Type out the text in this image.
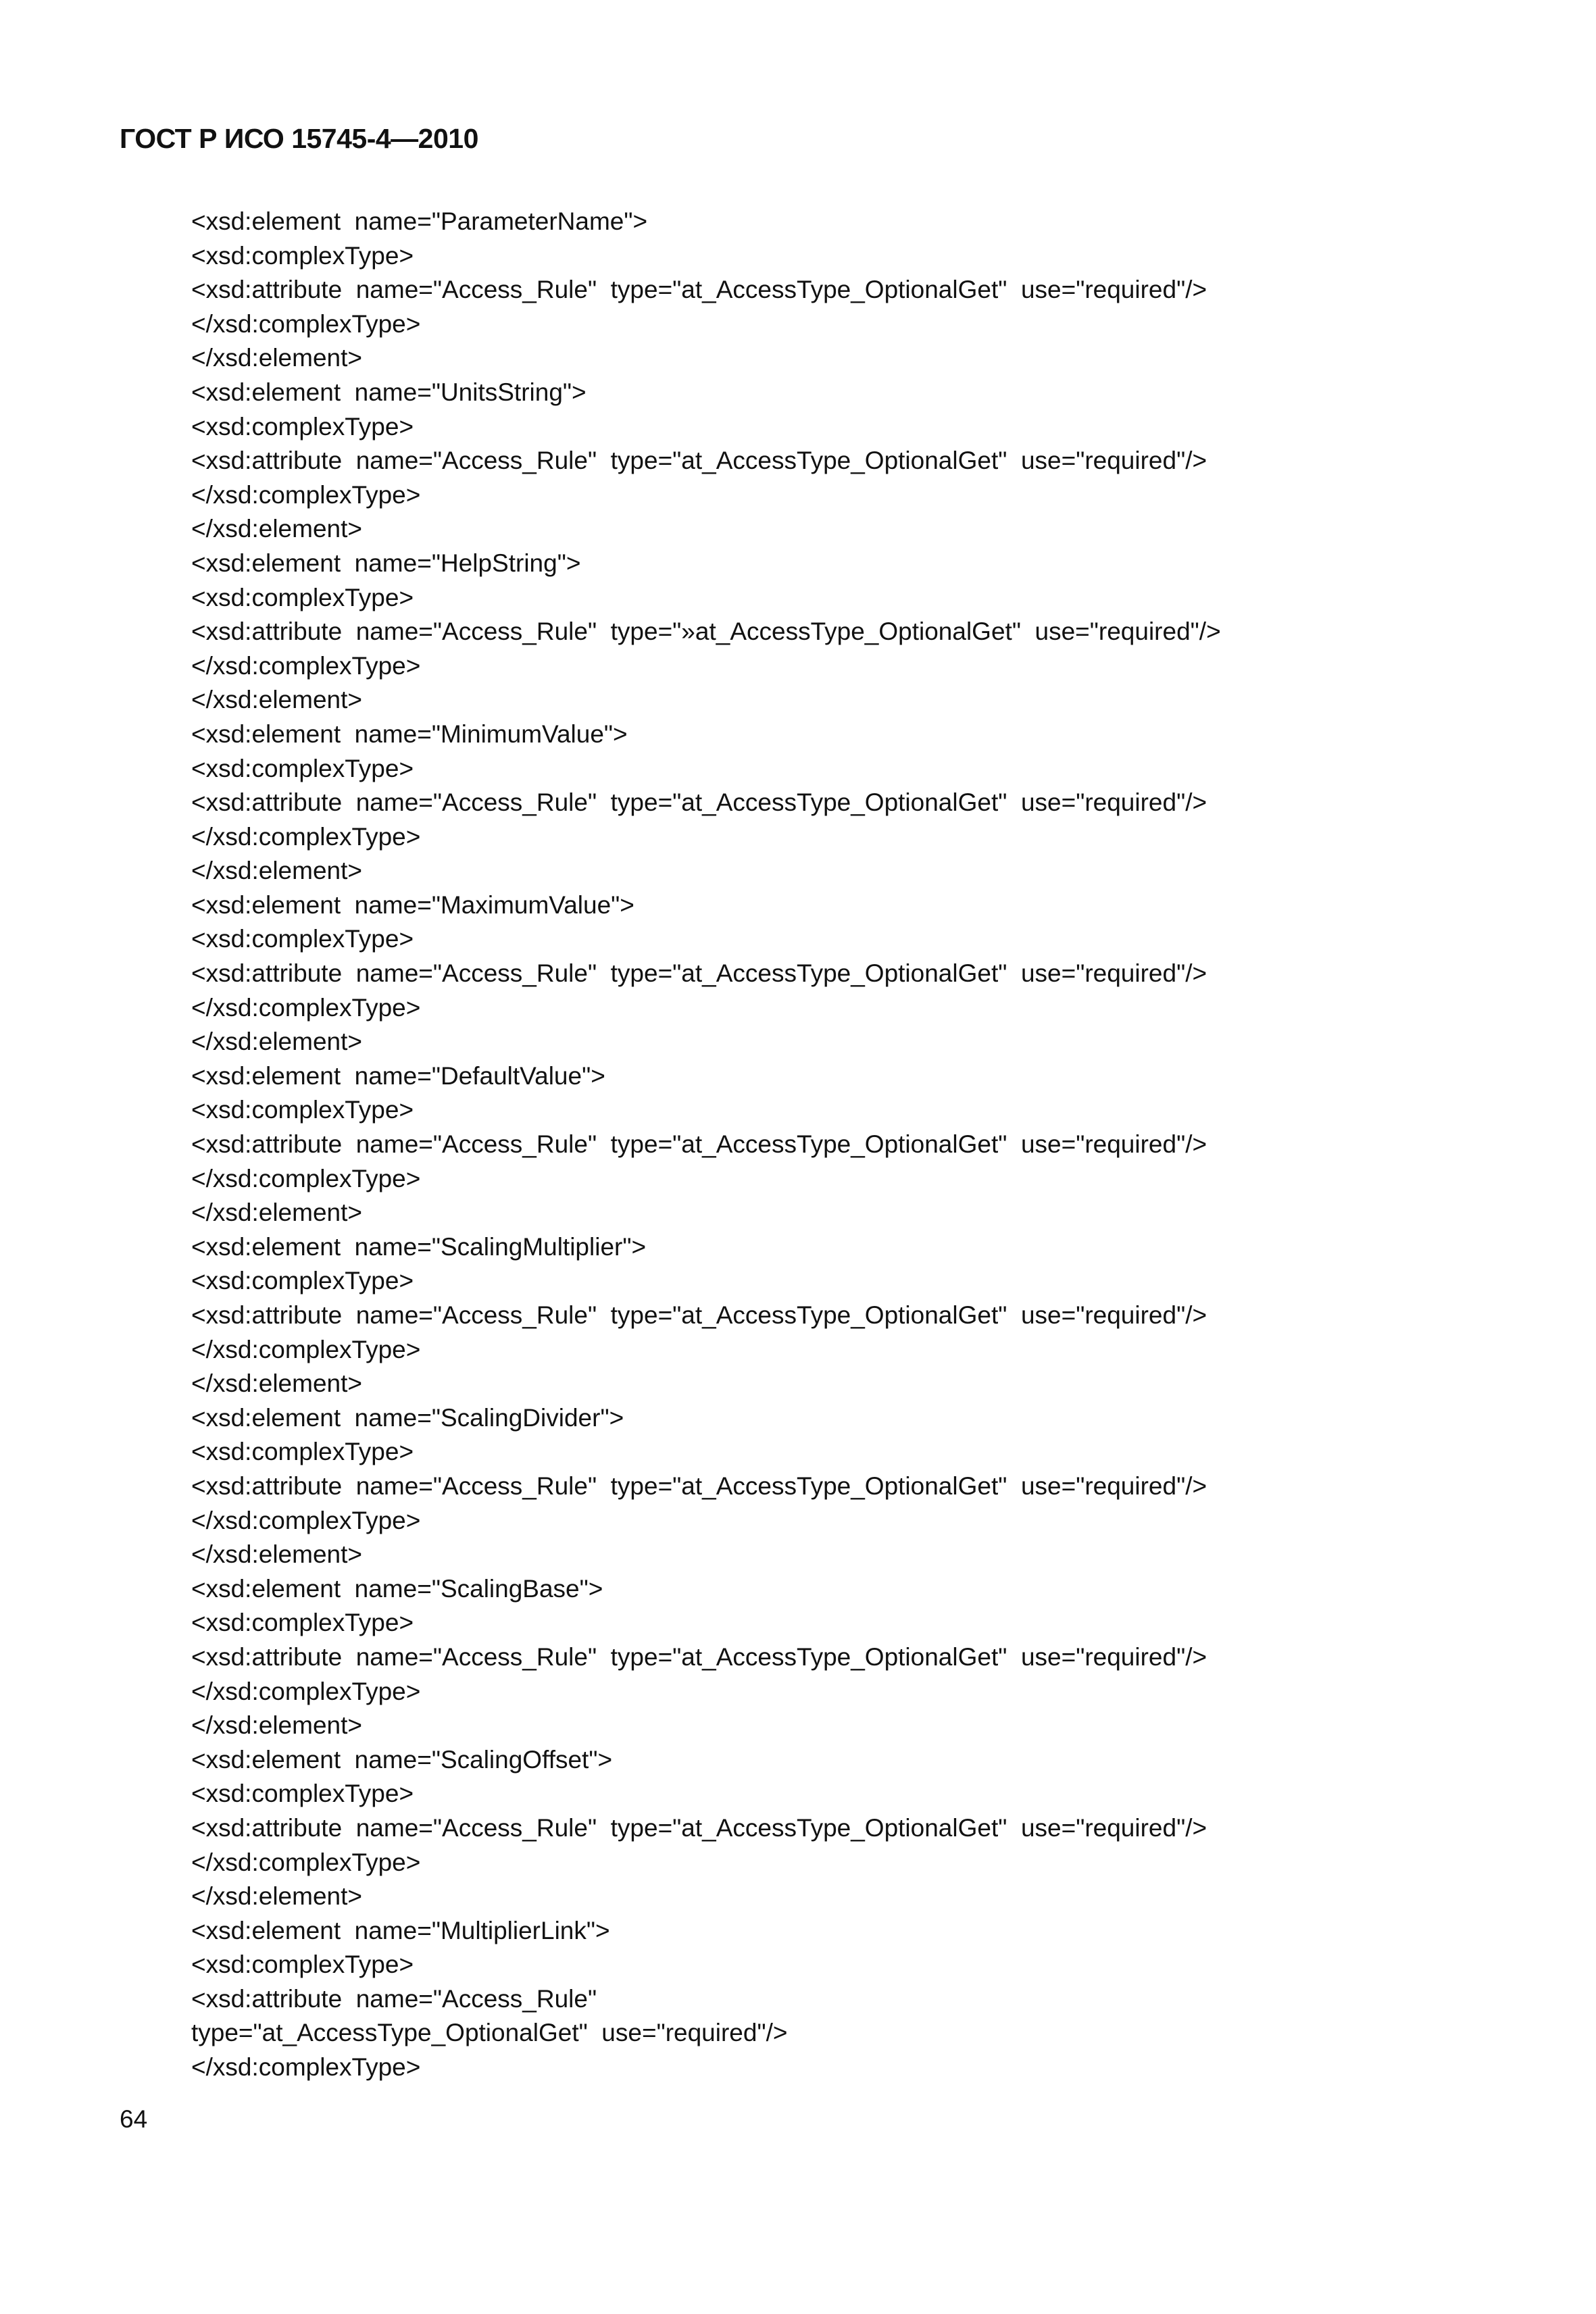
ГОСТ Р ИСО 15745-4—2010
<xsd:element  name="ParameterName">
<xsd:complexType>
<xsd:attribute  name="Access_Rule"  type="at_AccessType_OptionalGet"  use="required"/>
</xsd:complexType>
</xsd:element>
<xsd:element  name="UnitsString">
<xsd:complexType>
<xsd:attribute  name="Access_Rule"  type="at_AccessType_OptionalGet"  use="required"/>
</xsd:complexType>
</xsd:element>
<xsd:element  name="HelpString">
<xsd:complexType>
<xsd:attribute  name="Access_Rule"  type="»at_AccessType_OptionalGet"  use="required"/>
</xsd:complexType>
</xsd:element>
<xsd:element  name="MinimumValue">
<xsd:complexType>
<xsd:attribute  name="Access_Rule"  type="at_AccessType_OptionalGet"  use="required"/>
</xsd:complexType>
</xsd:element>
<xsd:element  name="MaximumValue">
<xsd:complexType>
<xsd:attribute  name="Access_Rule"  type="at_AccessType_OptionalGet"  use="required"/>
</xsd:complexType>
</xsd:element>
<xsd:element  name="DefaultValue">
<xsd:complexType>
<xsd:attribute  name="Access_Rule"  type="at_AccessType_OptionalGet"  use="required"/>
</xsd:complexType>
</xsd:element>
<xsd:element  name="ScalingMultiplier">
<xsd:complexType>
<xsd:attribute  name="Access_Rule"  type="at_AccessType_OptionalGet"  use="required"/>
</xsd:complexType>
</xsd:element>
<xsd:element  name="ScalingDivider">
<xsd:complexType>
<xsd:attribute  name="Access_Rule"  type="at_AccessType_OptionalGet"  use="required"/>
</xsd:complexType>
</xsd:element>
<xsd:element  name="ScalingBase">
<xsd:complexType>
<xsd:attribute  name="Access_Rule"  type="at_AccessType_OptionalGet"  use="required"/>
</xsd:complexType>
</xsd:element>
<xsd:element  name="ScalingOffset">
<xsd:complexType>
<xsd:attribute  name="Access_Rule"  type="at_AccessType_OptionalGet"  use="required"/>
</xsd:complexType>
</xsd:element>
<xsd:element  name="MultiplierLink">
<xsd:complexType>
<xsd:attribute  name="Access_Rule"
type="at_AccessType_OptionalGet"  use="required"/>
</xsd:complexType>
64
